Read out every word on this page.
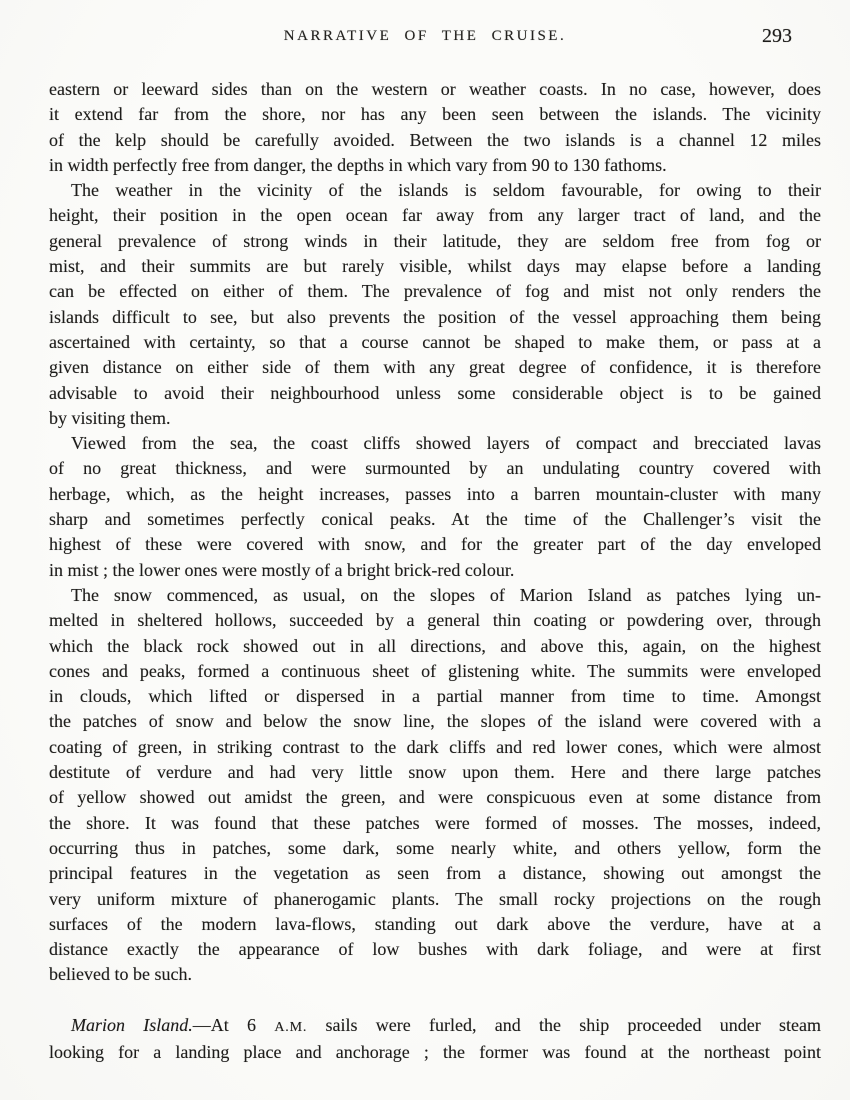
NARRATIVE OF THE CRUISE.	293
eastern or leeward sides than on the western or weather coasts. In no case, however, does
it extend far from the shore, nor has any been seen between the islands. The vicinity
of the kelp should be carefully avoided. Between the two islands is a channel 12 miles
in width perfectly free from danger, the depths in which vary from 90 to 130 fathoms.
The weather in the vicinity of the islands is seldom favourable, for owing to their
height, their position in the open ocean far away from any larger tract of land, and the
general prevalence of strong winds in their latitude, they are seldom free from fog or
mist, and their summits are but rarely visible, whilst days may elapse before a landing
can be effected on either of them. The prevalence of fog and mist not only renders the
islands difficult to see, but also prevents the position of the vessel approaching them being
ascertained with certainty, so that a course cannot be shaped to make them, or pass at a
given distance on either side of them with any great degree of confidence, it is therefore
advisable to avoid their neighbourhood unless some considerable object is to be gained
by visiting them.
Viewed from the sea, the coast cliffs showed layers of compact and brecciated lavas
of no great thickness, and were surmounted by an undulating country covered with
herbage, which, as the height increases, passes into a barren mountain-cluster with many
sharp and sometimes perfectly conical peaks. At the time of the Challenger’s visit the
highest of these were covered with snow, and for the greater part of the day enveloped
in mist ; the lower ones were mostly of a bright brick-red colour.
The snow commenced, as usual, on the slopes of Marion Island as patches lying un-
melted in sheltered hollows, succeeded by a general thin coating or powdering over, through
which the black rock showed out in all directions, and above this, again, on the highest
cones and peaks, formed a continuous sheet of glistening white. The summits were enveloped
in clouds, which lifted or dispersed in a partial manner from time to time. Amongst
the patches of snow and below the snow line, the slopes of the island were covered with a
coating of green, in striking contrast to the dark cliffs and red lower cones, which were almost
destitute of verdure and had very little snow upon them. Here and there large patches
of yellow showed out amidst the green, and were conspicuous even at some distance from
the shore. It was found that these patches were formed of mosses. The mosses, indeed,
occurring thus in patches, some dark, some nearly white, and others yellow, form the
principal features in the vegetation as seen from a distance, showing out amongst the
very uniform mixture of phanerogamic plants. The small rocky projections on the rough
surfaces of the modern lava-flows, standing out dark above the verdure, have at a
distance exactly the appearance of low bushes with dark foliage, and were at first
believed to be such.
Marion Island.—At 6 A.M. sails were furled, and the ship proceeded under steam
looking for a landing place and anchorage ; the former was found at the northeast point
